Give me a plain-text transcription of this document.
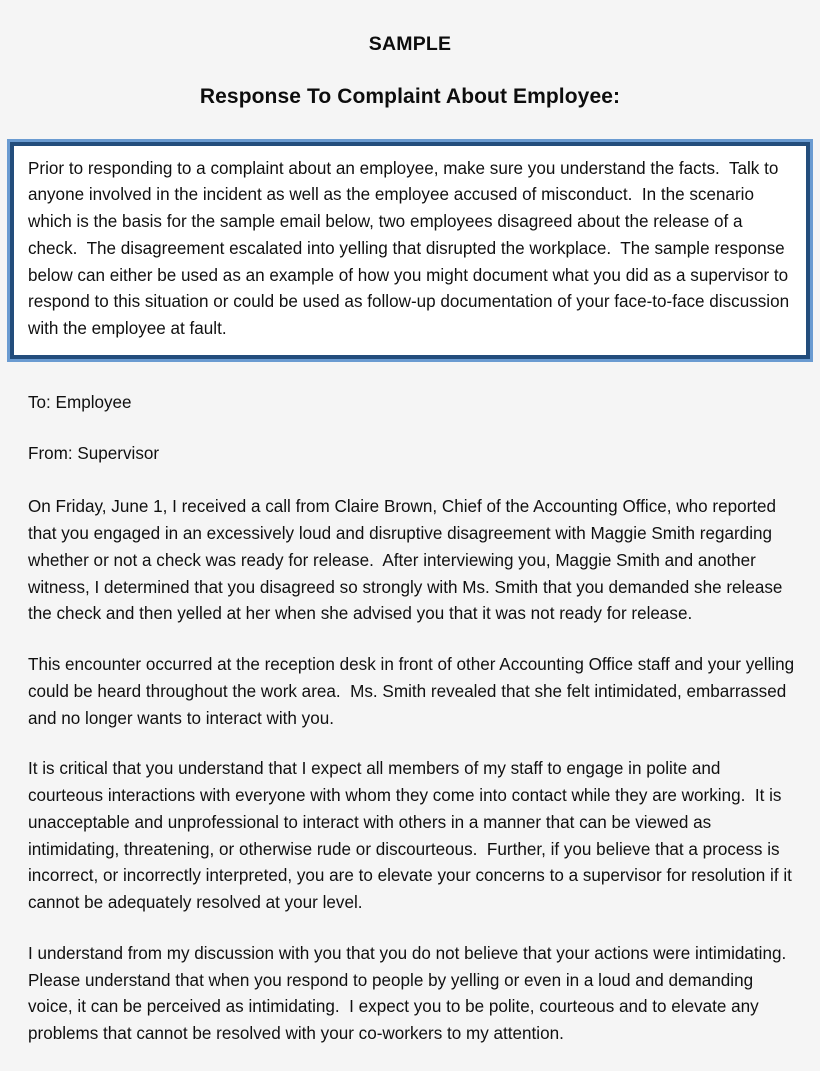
SAMPLE
Response To Complaint About Employee:
Prior to responding to a complaint about an employee, make sure you understand the facts.  Talk to anyone involved in the incident as well as the employee accused of misconduct.  In the scenario which is the basis for the sample email below, two employees disagreed about the release of a check.  The disagreement escalated into yelling that disrupted the workplace.  The sample response below can either be used as an example of how you might document what you did as a supervisor to respond to this situation or could be used as follow-up documentation of your face-to-face discussion with the employee at fault.
To: Employee
From: Supervisor

On Friday, June 1, I received a call from Claire Brown, Chief of the Accounting Office, who reported that you engaged in an excessively loud and disruptive disagreement with Maggie Smith regarding whether or not a check was ready for release.  After interviewing you, Maggie Smith and another witness, I determined that you disagreed so strongly with Ms. Smith that you demanded she release the check and then yelled at her when she advised you that it was not ready for release.

This encounter occurred at the reception desk in front of other Accounting Office staff and your yelling could be heard throughout the work area.  Ms. Smith revealed that she felt intimidated, embarrassed and no longer wants to interact with you.

It is critical that you understand that I expect all members of my staff to engage in polite and courteous interactions with everyone with whom they come into contact while they are working.  It is unacceptable and unprofessional to interact with others in a manner that can be viewed as intimidating, threatening, or otherwise rude or discourteous.  Further, if you believe that a process is incorrect, or incorrectly interpreted, you are to elevate your concerns to a supervisor for resolution if it cannot be adequately resolved at your level.

I understand from my discussion with you that you do not believe that your actions were intimidating.  Please understand that when you respond to people by yelling or even in a loud and demanding voice, it can be perceived as intimidating.  I expect you to be polite, courteous and to elevate any problems that cannot be resolved with your co-workers to my attention.
